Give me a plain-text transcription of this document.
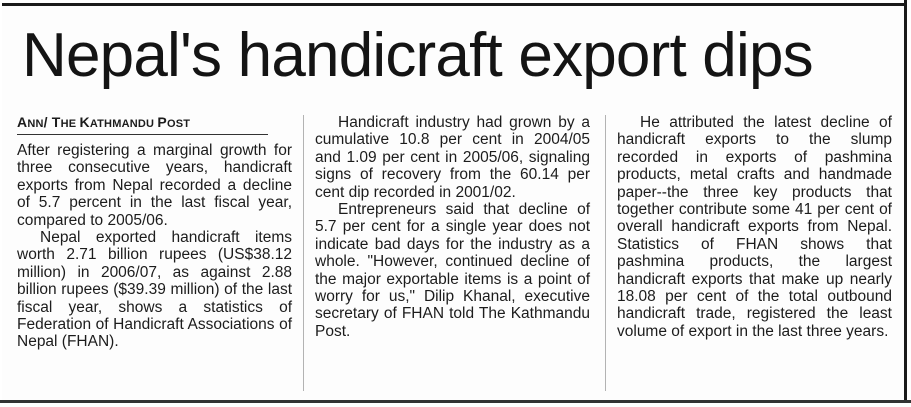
Nepal's handicraft export dips
ANN/ THE KATHMANDU POST

After registering a marginal growth for three consecutive years, handicraft exports from Nepal recorded a decline of 5.7 percent in the last fiscal year, compared to 2005/06.

Nepal exported handicraft items worth 2.71 billion rupees (US$38.12 million) in 2006/07, as against 2.88 billion rupees ($39.39 million) of the last fiscal year, shows a statistics of Federation of Handicraft Associations of Nepal (FHAN).

Handicraft industry had grown by a cumulative 10.8 per cent in 2004/05 and 1.09 per cent in 2005/06, signaling signs of recovery from the 60.14 per cent dip recorded in 2001/02.

Entrepreneurs said that decline of 5.7 per cent for a single year does not indicate bad days for the industry as a whole. "However, continued decline of the major exportable items is a point of worry for us," Dilip Khanal, executive secretary of FHAN told The Kathmandu Post.

He attributed the latest decline of handicraft exports to the slump recorded in exports of pashmina products, metal crafts and handmade paper--the three key products that together contribute some 41 per cent of overall handicraft exports from Nepal. Statistics of FHAN shows that pashmina products, the largest handicraft exports that make up nearly 18.08 per cent of the total outbound handicraft trade, registered the least volume of export in the last three years.
